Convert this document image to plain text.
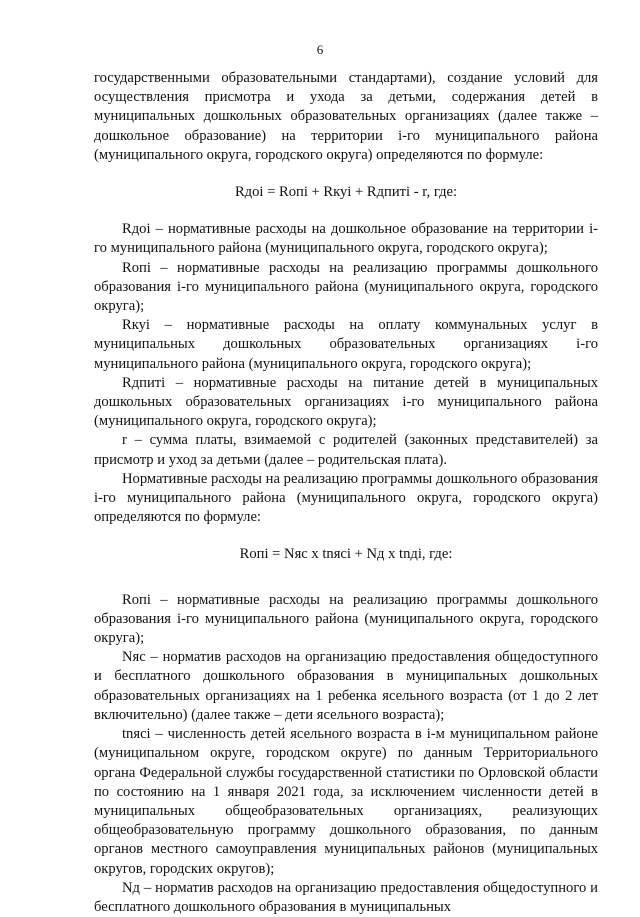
6

государственными образовательными стандартами), создание условий для осуществления присмотра и ухода за детьми, содержания детей в муниципальных дошкольных образовательных организациях (далее также – дошкольное образование) на территории i-го муниципального района (муниципального округа, городского округа) определяются по формуле:

Rдоi = Rопi + Rкуi + Rдпитi - r, где:

Rдоi – нормативные расходы на дошкольное образование на территории i-го муниципального района (муниципального округа, городского округа);

Rопi – нормативные расходы на реализацию программы дошкольного образования i-го муниципального района (муниципального округа, городского округа);

Rкуi – нормативные расходы на оплату коммунальных услуг в муниципальных дошкольных образовательных организациях i-го муниципального района (муниципального округа, городского округа);

Rдпитi – нормативные расходы на питание детей в муниципальных дошкольных образовательных организациях i-го муниципального района (муниципального округа, городского округа);

r – сумма платы, взимаемой с родителей (законных представителей) за присмотр и уход за детьми (далее – родительская плата).

Нормативные расходы на реализацию программы дошкольного образования i-го муниципального района (муниципального округа, городского округа) определяются по формуле:

Rопi = Nяс x tnясi + Nд x tnдi, где:

Rопi – нормативные расходы на реализацию программы дошкольного образования i-го муниципального района (муниципального округа, городского округа);

Nяс – норматив расходов на организацию предоставления общедоступного и бесплатного дошкольного образования в муниципальных дошкольных образовательных организациях на 1 ребенка ясельного возраста (от 1 до 2 лет включительно) (далее также – дети ясельного возраста);

tnясi – численность детей ясельного возраста в i-м муниципальном районе (муниципальном округе, городском округе) по данным Территориального органа Федеральной службы государственной статистики по Орловской области по состоянию на 1 января 2021 года, за исключением численности детей в муниципальных общеобразовательных организациях, реализующих общеобразовательную программу дошкольного образования, по данным органов местного самоуправления муниципальных районов (муниципальных округов, городских округов);

Nд – норматив расходов на организацию предоставления общедоступного и бесплатного дошкольного образования в муниципальных
